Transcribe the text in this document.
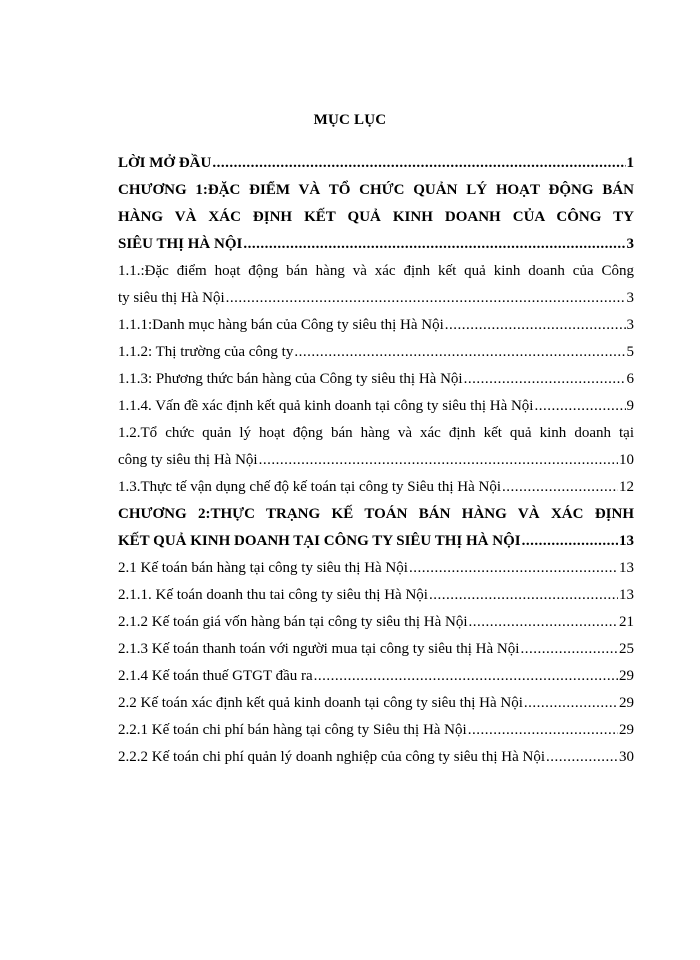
MỤC LỤC
LỜI MỞ ĐẦU .....	1
CHƯƠNG 1:ĐẶC ĐIỂM VÀ TỔ CHỨC QUẢN LÝ HOẠT ĐỘNG BÁN
HÀNG VÀ XÁC ĐỊNH KẾT QUẢ KINH DOANH CỦA CÔNG TY
SIÊU THỊ HÀ NỘI .....	3
1.1.:Đặc điểm hoạt động bán hàng và xác định kết quả kinh doanh của Công
ty siêu thị Hà Nội .....	3
1.1.1:Danh mục hàng bán của Công ty siêu thị Hà Nội .....	3
1.1.2: Thị trường của công ty .....	5
1.1.3: Phương thức bán hàng của Công ty siêu thị Hà Nội .....	6
1.1.4. Vấn đề xác định kết quả kinh doanh tại công ty siêu thị Hà Nội .....	9
1.2.Tổ chức quản lý hoạt động bán hàng và xác định kết quả kinh doanh tại
công ty siêu thị Hà Nội .....	10
1.3.Thực tế vận dụng chế độ kế toán tại công ty Siêu thị Hà Nội .....	12
CHƯƠNG 2:THỰC TRẠNG KẾ TOÁN BÁN HÀNG VÀ XÁC ĐỊNH
KẾT QUẢ KINH DOANH TẠI CÔNG TY SIÊU THỊ HÀ NỘI .....	13
2.1 Kế toán bán hàng tại công ty siêu thị Hà Nội .....	13
2.1.1. Kế toán doanh thu tai công ty siêu thị Hà Nội .....	13
2.1.2 Kế toán giá vốn hàng bán tại công ty siêu thị Hà Nội .....	21
2.1.3 Kế toán thanh toán với người mua tại công ty siêu thị Hà Nội .....	25
2.1.4 Kế toán thuế GTGT đầu ra .....	29
2.2 Kế toán xác định kết quả kinh doanh tại công ty siêu thị Hà Nội .....	29
2.2.1 Kế toán chi phí bán hàng tại công ty Siêu thị Hà Nội .....	29
2.2.2 Kế toán chi phí quản lý doanh nghiệp của công ty siêu thị Hà Nội .....	30
